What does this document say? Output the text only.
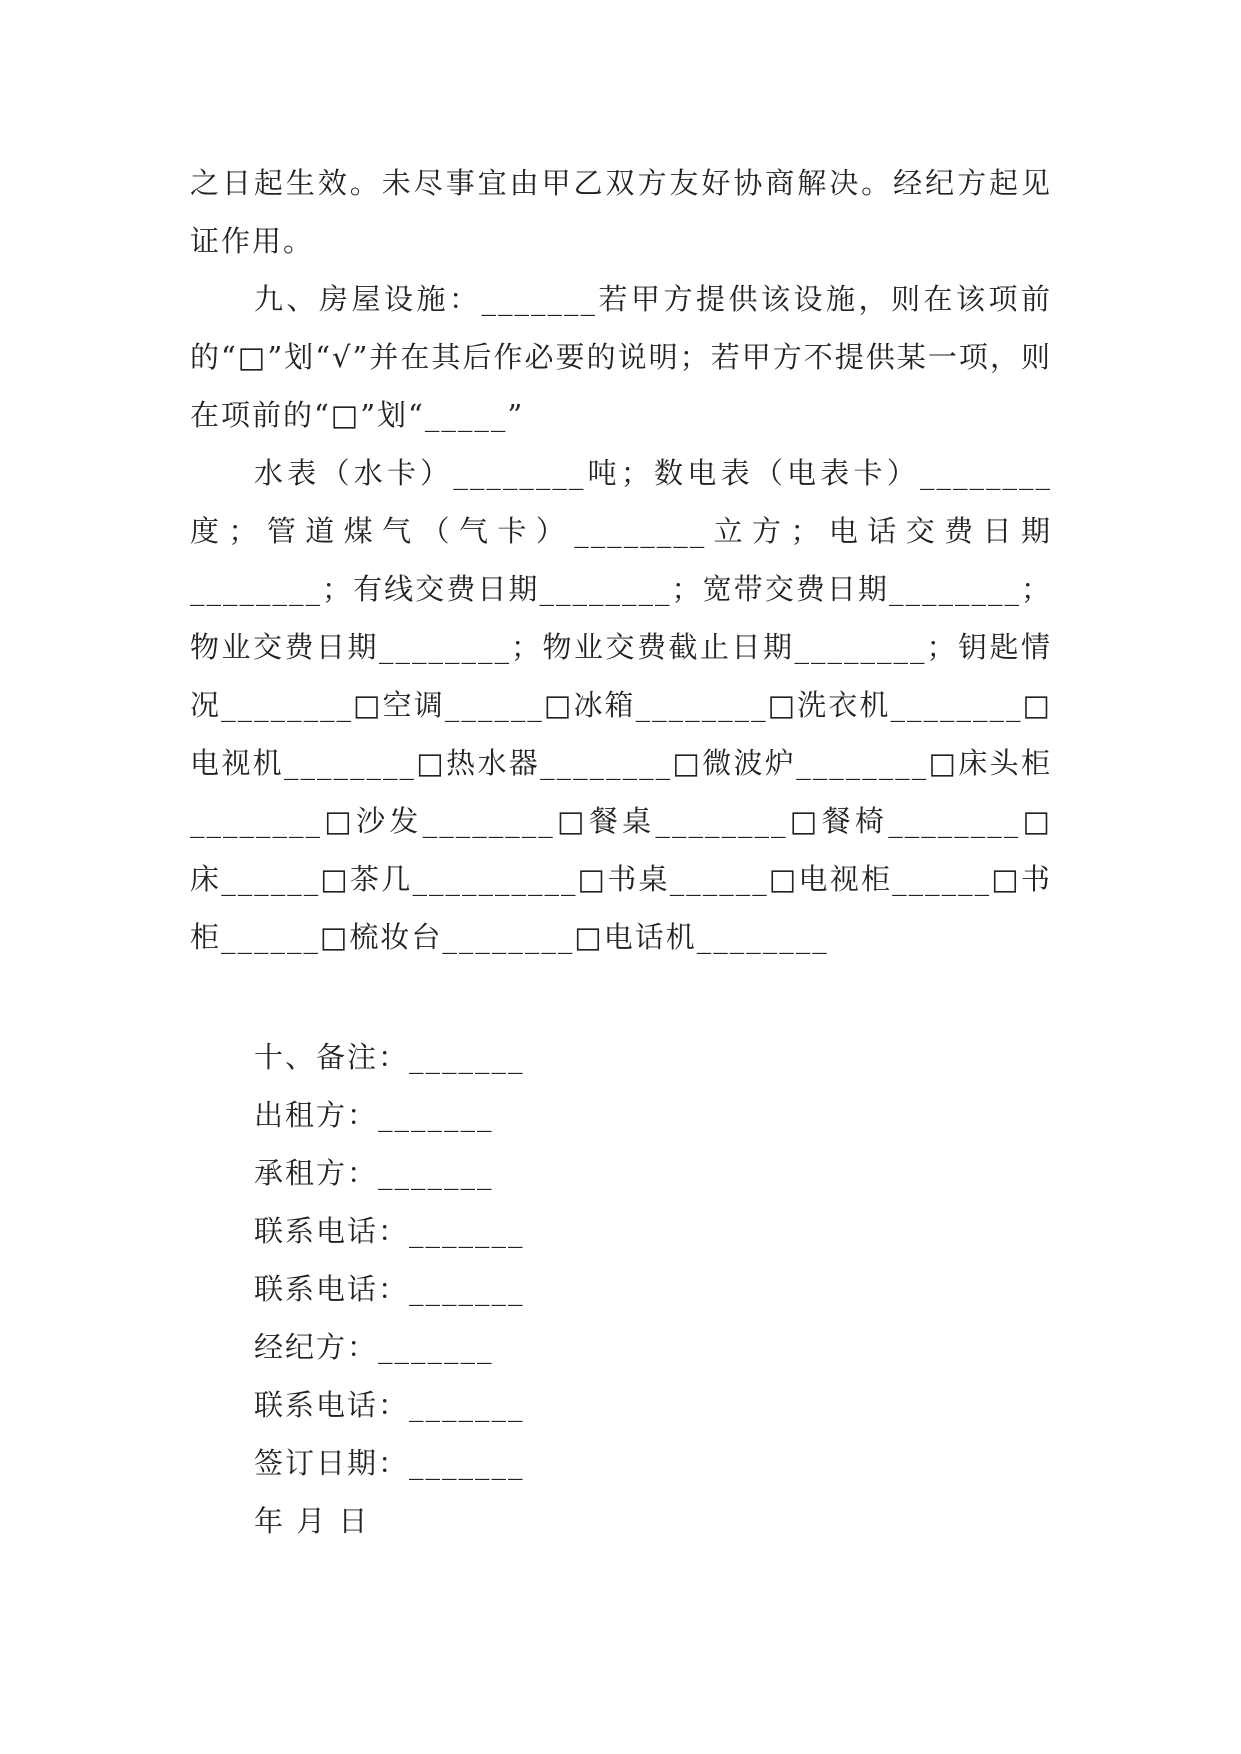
之日起生效。未尽事宜由甲乙双方友好协商解决。经纪方起见证作用。

九、房屋设施：_______若甲方提供该设施，则在该项前的“□”划“√”并在其后作必要的说明；若甲方不提供某一项，则在项前的“□”划“_____”

水表（水卡）________吨；数电表（电表卡）________度；管道煤气（气卡）________立方；电话交费日期________；有线交费日期________；宽带交费日期________；物业交费日期________；物业交费截止日期________；钥匙情况________□空调______□冰箱________□洗衣机________□电视机________□热水器________□微波炉________□床头柜________□沙发________□餐桌________□餐椅________□床______□茶几__________□书桌______□电视柜______□书柜______□梳妆台________□电话机________

十、备注：_______
出租方：_______
承租方：_______
联系电话：_______
联系电话：_______
经纪方：_______
联系电话：_______
签订日期：_______
年 月 日
